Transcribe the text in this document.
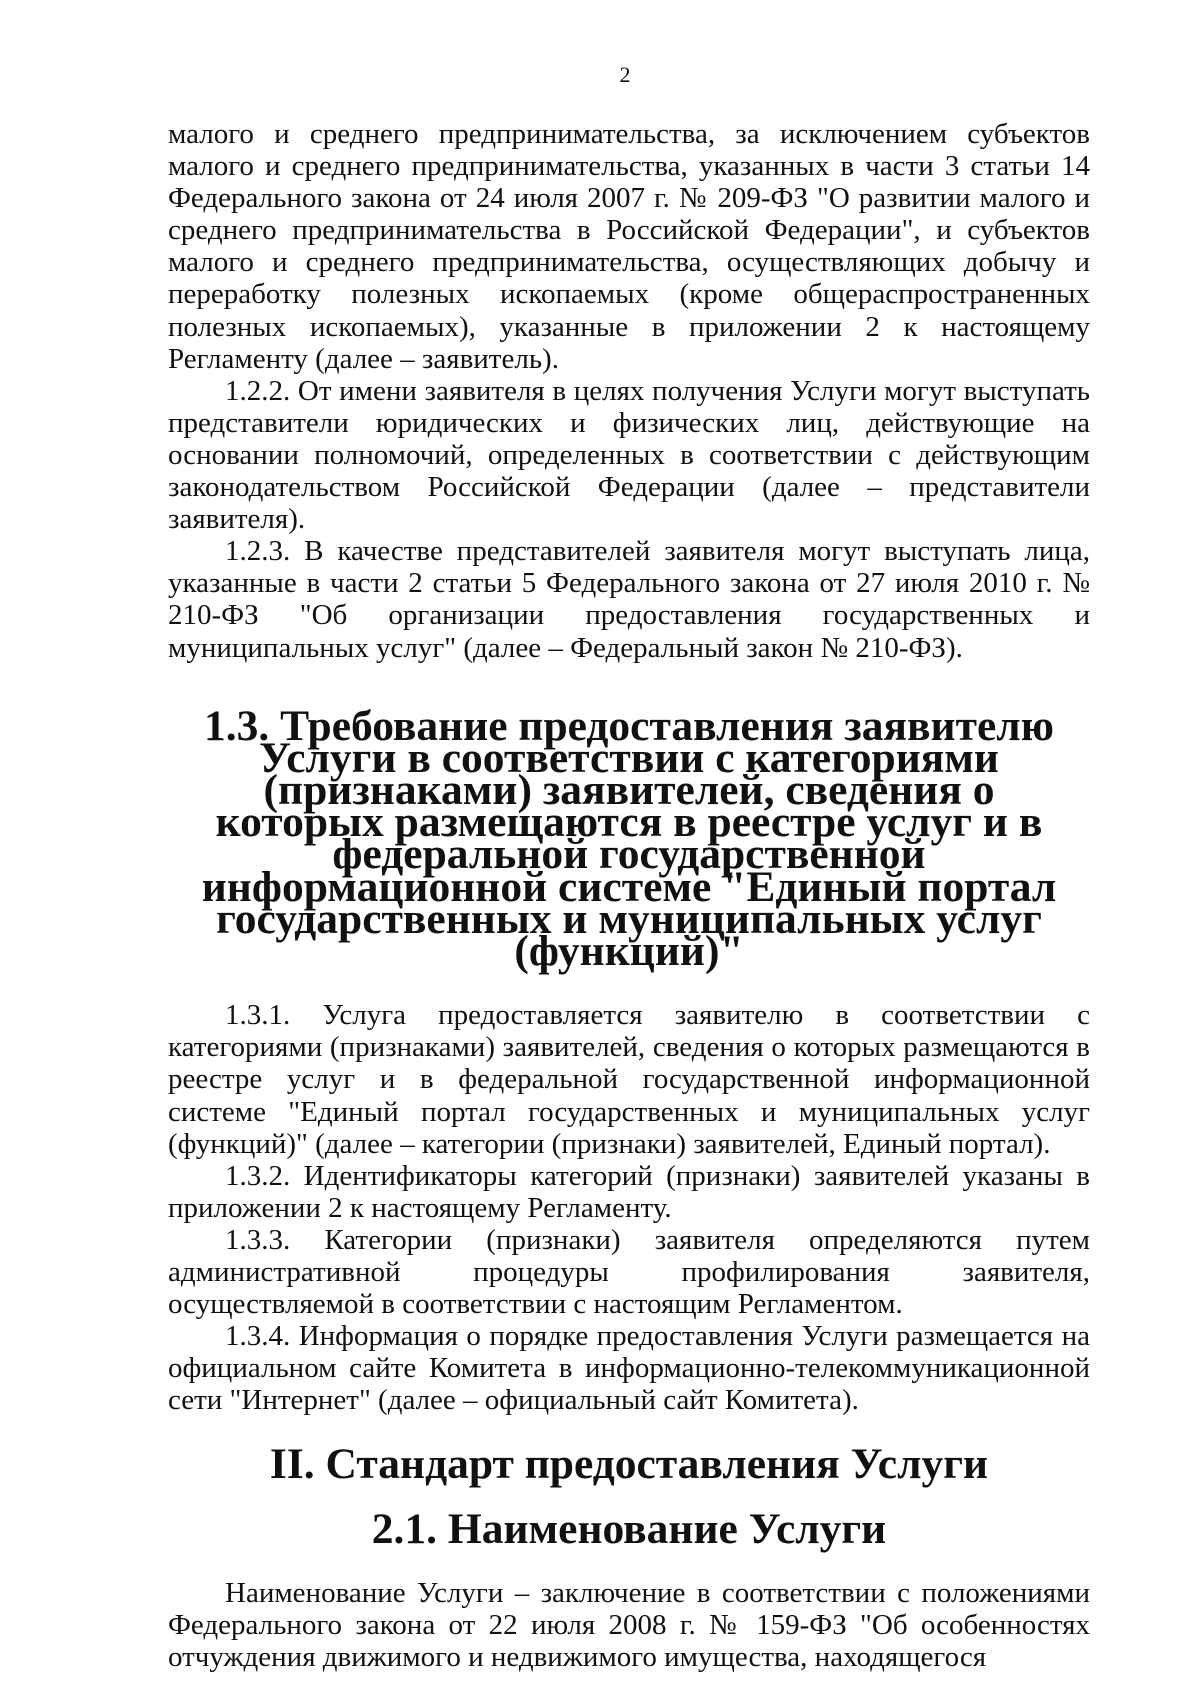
2

малого и среднего предпринимательства, за исключением субъектов малого и среднего предпринимательства, указанных в части 3 статьи 14 Федерального закона от 24 июля 2007 г. № 209-ФЗ "О развитии малого и среднего предпринимательства в Российской Федерации", и субъектов малого и среднего предпринимательства, осуществляющих добычу и переработку полезных ископаемых (кроме общераспространенных полезных ископаемых), указанные в приложении 2 к настоящему Регламенту (далее – заявитель).

1.2.2. От имени заявителя в целях получения Услуги могут выступать представители юридических и физических лиц, действующие на основании полномочий, определенных в соответствии с действующим законодательством Российской Федерации (далее – представители заявителя).

1.2.3. В качестве представителей заявителя могут выступать лица, указанные в части 2 статьи 5 Федерального закона от 27 июля 2010 г. № 210-ФЗ "Об организации предоставления государственных и муниципальных услуг" (далее – Федеральный закон № 210-ФЗ).

1.3. Требование предоставления заявителю Услуги в соответствии с категориями (признаками) заявителей, сведения о которых размещаются в реестре услуг и в федеральной государственной информационной системе "Единый портал государственных и муниципальных услуг (функций)"

1.3.1. Услуга предоставляется заявителю в соответствии с категориями (признаками) заявителей, сведения о которых размещаются в реестре услуг и в федеральной государственной информационной системе "Единый портал государственных и муниципальных услуг (функций)" (далее – категории (признаки) заявителей, Единый портал).

1.3.2. Идентификаторы категорий (признаки) заявителей указаны в приложении 2 к настоящему Регламенту.

1.3.3. Категории (признаки) заявителя определяются путем административной процедуры профилирования заявителя, осуществляемой в соответствии с настоящим Регламентом.

1.3.4. Информация о порядке предоставления Услуги размещается на официальном сайте Комитета в информационно-телекоммуникационной сети "Интернет" (далее – официальный сайт Комитета).

II. Стандарт предоставления Услуги
2.1. Наименование Услуги

Наименование Услуги – заключение в соответствии с положениями Федерального закона от 22 июля 2008 г. № 159-ФЗ "Об особенностях отчуждения движимого и недвижимого имущества, находящегося
